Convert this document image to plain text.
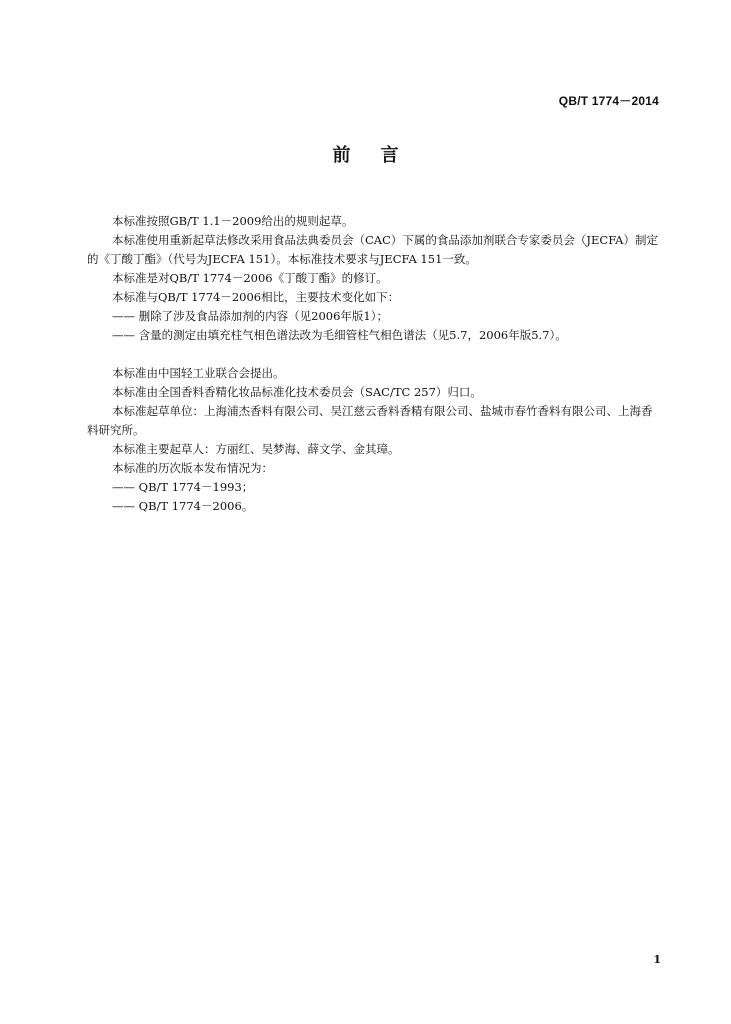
QB/T 1774－2014
前言

本标准按照GB/T 1.1－2009给出的规则起草。

本标准使用重新起草法修改采用食品法典委员会（CAC）下属的食品添加剂联合专家委员会（JECFA）制定的《丁酸丁酯》（代号为JECFA 151）。本标准技术要求与JECFA 151一致。

本标准是对QB/T 1774－2006《丁酸丁酯》的修订。

本标准与QB/T 1774－2006相比，主要技术变化如下：

—— 删除了涉及食品添加剂的内容（见2006年版1）；

—— 含量的测定由填充柱气相色谱法改为毛细管柱气相色谱法（见5.7，2006年版5.7）。

本标准由中国轻工业联合会提出。

本标准由全国香料香精化妆品标准化技术委员会（SAC/TC 257）归口。

本标准起草单位：上海浦杰香料有限公司、吴江慈云香料香精有限公司、盐城市春竹香料有限公司、上海香料研究所。

本标准主要起草人：方丽红、吴梦海、薛文学、金其璋。

本标准的历次版本发布情况为：

—— QB/T 1774－1993；

—— QB/T 1774－2006。

1
